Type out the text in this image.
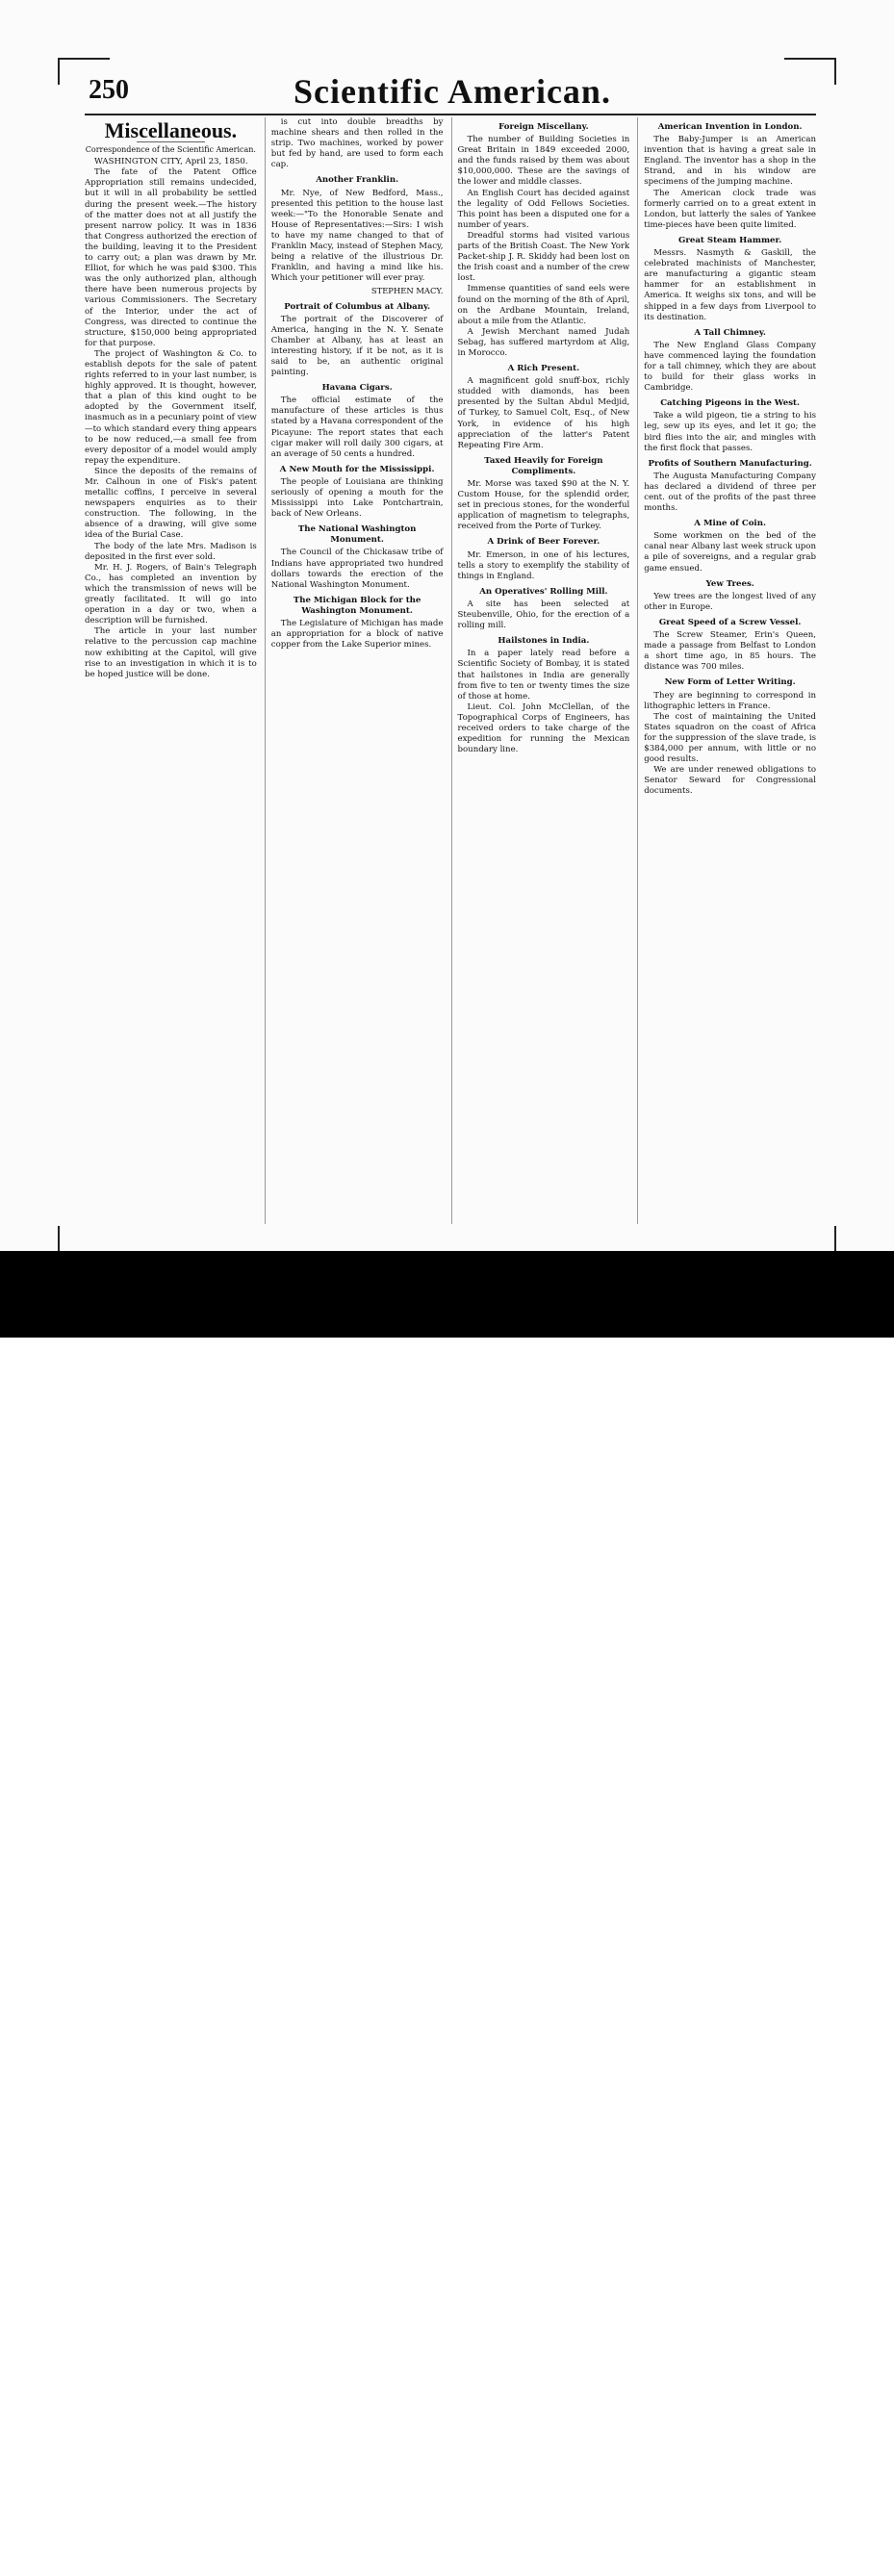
250	Scientific American.
Miscellaneous.
Correspondence of the Scientific American.

WASHINGTON CITY, April 23, 1850.

The fate of the Patent Office Appropriation still remains undecided, but it will in all probability be settled during the present week.—The history of the matter does not at all justify the present narrow policy. It was in 1836 that Congress authorized the erection of the building, leaving it to the President to carry out; a plan was drawn by Mr. Elliot, for which he was paid $300. This was the only authorized plan, although there have been numerous projects by various Commissioners. The Secretary of the Interior, under the act of Congress, was directed to continue the structure, $150,000 being appropriated for that purpose.

The project of Washington & Co. to establish depots for the sale of patent rights referred to in your last number, is highly approved. It is thought, however, that a plan of this kind ought to be adopted by the Government itself, inasmuch as in a pecuniary point of view—to which standard every thing appears to be now reduced,—a small fee from every depositor of a model would amply repay the expenditure.

Since the deposits of the remains of Mr. Calhoun in one of Fisk's patent metallic coffins, I perceive in several newspapers enquiries as to their construction. The following, in the absence of a drawing, will give some idea of the Burial Case.

The body of the late Mrs. Madison is deposited in the first ever sold.

Mr. H. J. Rogers, of Bain's Telegraph Co., has completed an invention by which the transmission of news will be greatly facilitated. It will go into operation in a day or two, when a description will be furnished.

The article in your last number relative to the percussion cap machine now exhibiting at the Capitol, will give rise to an investigation in which it is to be hoped justice will be done.

is cut into double breadths by machine shears and then rolled in the strip. Two machines, worked by power but fed by hand, are used to form each cap.

Another Franklin.

Mr. Nye, of New Bedford, Mass., presented this petition to the house last week:—"To the Honorable Senate and House of Representatives:—Sirs: I wish to have my name changed to that of Franklin Macy, instead of Stephen Macy, being a relative of the illustrious Dr. Franklin, and having a mind like his. Which your petitioner will ever pray.

STEPHEN MACY.
Portrait of Columbus at Albany.

The portrait of the Discoverer of America, hanging in the N. Y. Senate Chamber at Albany, has at least an interesting history, if it be not, as it is said to be, an authentic original painting.

Havana Cigars.

The official estimate of the manufacture of these articles is thus stated by a Havana correspondent of the Picayune: The report states that each cigar maker will roll daily 300 cigars, at an average of 50 cents a hundred.

A New Mouth for the Mississippi.

The people of Louisiana are thinking seriously of opening a mouth for the Mississippi into Lake Pontchartrain, back of New Orleans.

The National Washington Monument.

The Council of the Chickasaw tribe of Indians have appropriated two hundred dollars towards the erection of the National Washington Monument.

The Michigan Block for the Washington Monument.

The Legislature of Michigan has made an appropriation for a block of native copper from the Lake Superior mines.

Foreign Miscellany.

The number of Building Societies in Great Britain in 1849 exceeded 2000, and the funds raised by them was about $10,000,000. These are the savings of the lower and middle classes.

An English Court has decided against the legality of Odd Fellows Societies. This point has been a disputed one for a number of years.

Dreadful storms had visited various parts of the British Coast. The New York Packet-ship J. R. Skiddy had been lost on the Irish coast and a number of the crew lost.

Immense quantities of sand eels were found on the morning of the 8th of April, on the Ardbane Mountain, Ireland, about a mile from the Atlantic.

A Jewish Merchant named Judah Sebag, has suffered martyrdom at Alig, in Morocco.

A Rich Present.

A magnificent gold snuff-box, richly studded with diamonds, has been presented by the Sultan Abdul Medjid, of Turkey, to Samuel Colt, Esq., of New York, in evidence of his high appreciation of the latter's Patent Repeating Fire Arm.

Taxed Heavily for Foreign Compliments.

Mr. Morse was taxed $90 at the N. Y. Custom House, for the splendid order, set in precious stones, for the wonderful application of magnetism to telegraphs, received from the Porte of Turkey.

A Drink of Beer Forever.

Mr. Emerson, in one of his lectures, tells a story to exemplify the stability of things in England.

An Operatives' Rolling Mill.

A site has been selected at Steubenville, Ohio, for the erection of a rolling mill.

Hailstones in India.

In a paper lately read before a Scientific Society of Bombay, it is stated that hailstones in India are generally from five to ten or twenty times the size of those at home.

Lieut. Col. John McClellan, of the Topographical Corps of Engineers, has received orders to take charge of the expedition for running the Mexican boundary line.

American Invention in London.

The Baby-Jumper is an American invention that is having a great sale in England. The inventor has a shop in the Strand, and in his window are specimens of the jumping machine.

The American clock trade was formerly carried on to a great extent in London, but latterly the sales of Yankee time-pieces have been quite limited.

Great Steam Hammer.

Messrs. Nasmyth & Gaskill, the celebrated machinists of Manchester, are manufacturing a gigantic steam hammer for an establishment in America. It weighs six tons, and will be shipped in a few days from Liverpool to its destination.

A Tall Chimney.

The New England Glass Company have commenced laying the foundation for a tall chimney, which they are about to build for their glass works in Cambridge.

Catching Pigeons in the West.

Take a wild pigeon, tie a string to his leg, sew up its eyes, and let it go; the bird flies into the air, and mingles with the first flock that passes.

Profits of Southern Manufacturing.

The Augusta Manufacturing Company has declared a dividend of three per cent. out of the profits of the past three months.

A Mine of Coin.

Some workmen on the bed of the canal near Albany last week struck upon a pile of sovereigns, and a regular grab game ensued.

Yew Trees.

Yew trees are the longest lived of any other in Europe.

Great Speed of a Screw Vessel.

The Screw Steamer, Erin's Queen, made a passage from Belfast to London a short time ago, in 85 hours. The distance was 700 miles.

New Form of Letter Writing.

They are beginning to correspond in lithographic letters in France.

The cost of maintaining the United States squadron on the coast of Africa for the suppression of the slave trade, is $384,000 per annum, with little or no good results.

We are under renewed obligations to Senator Seward for Congressional documents.

alamy	2ABTFG4
www.alamy.com
